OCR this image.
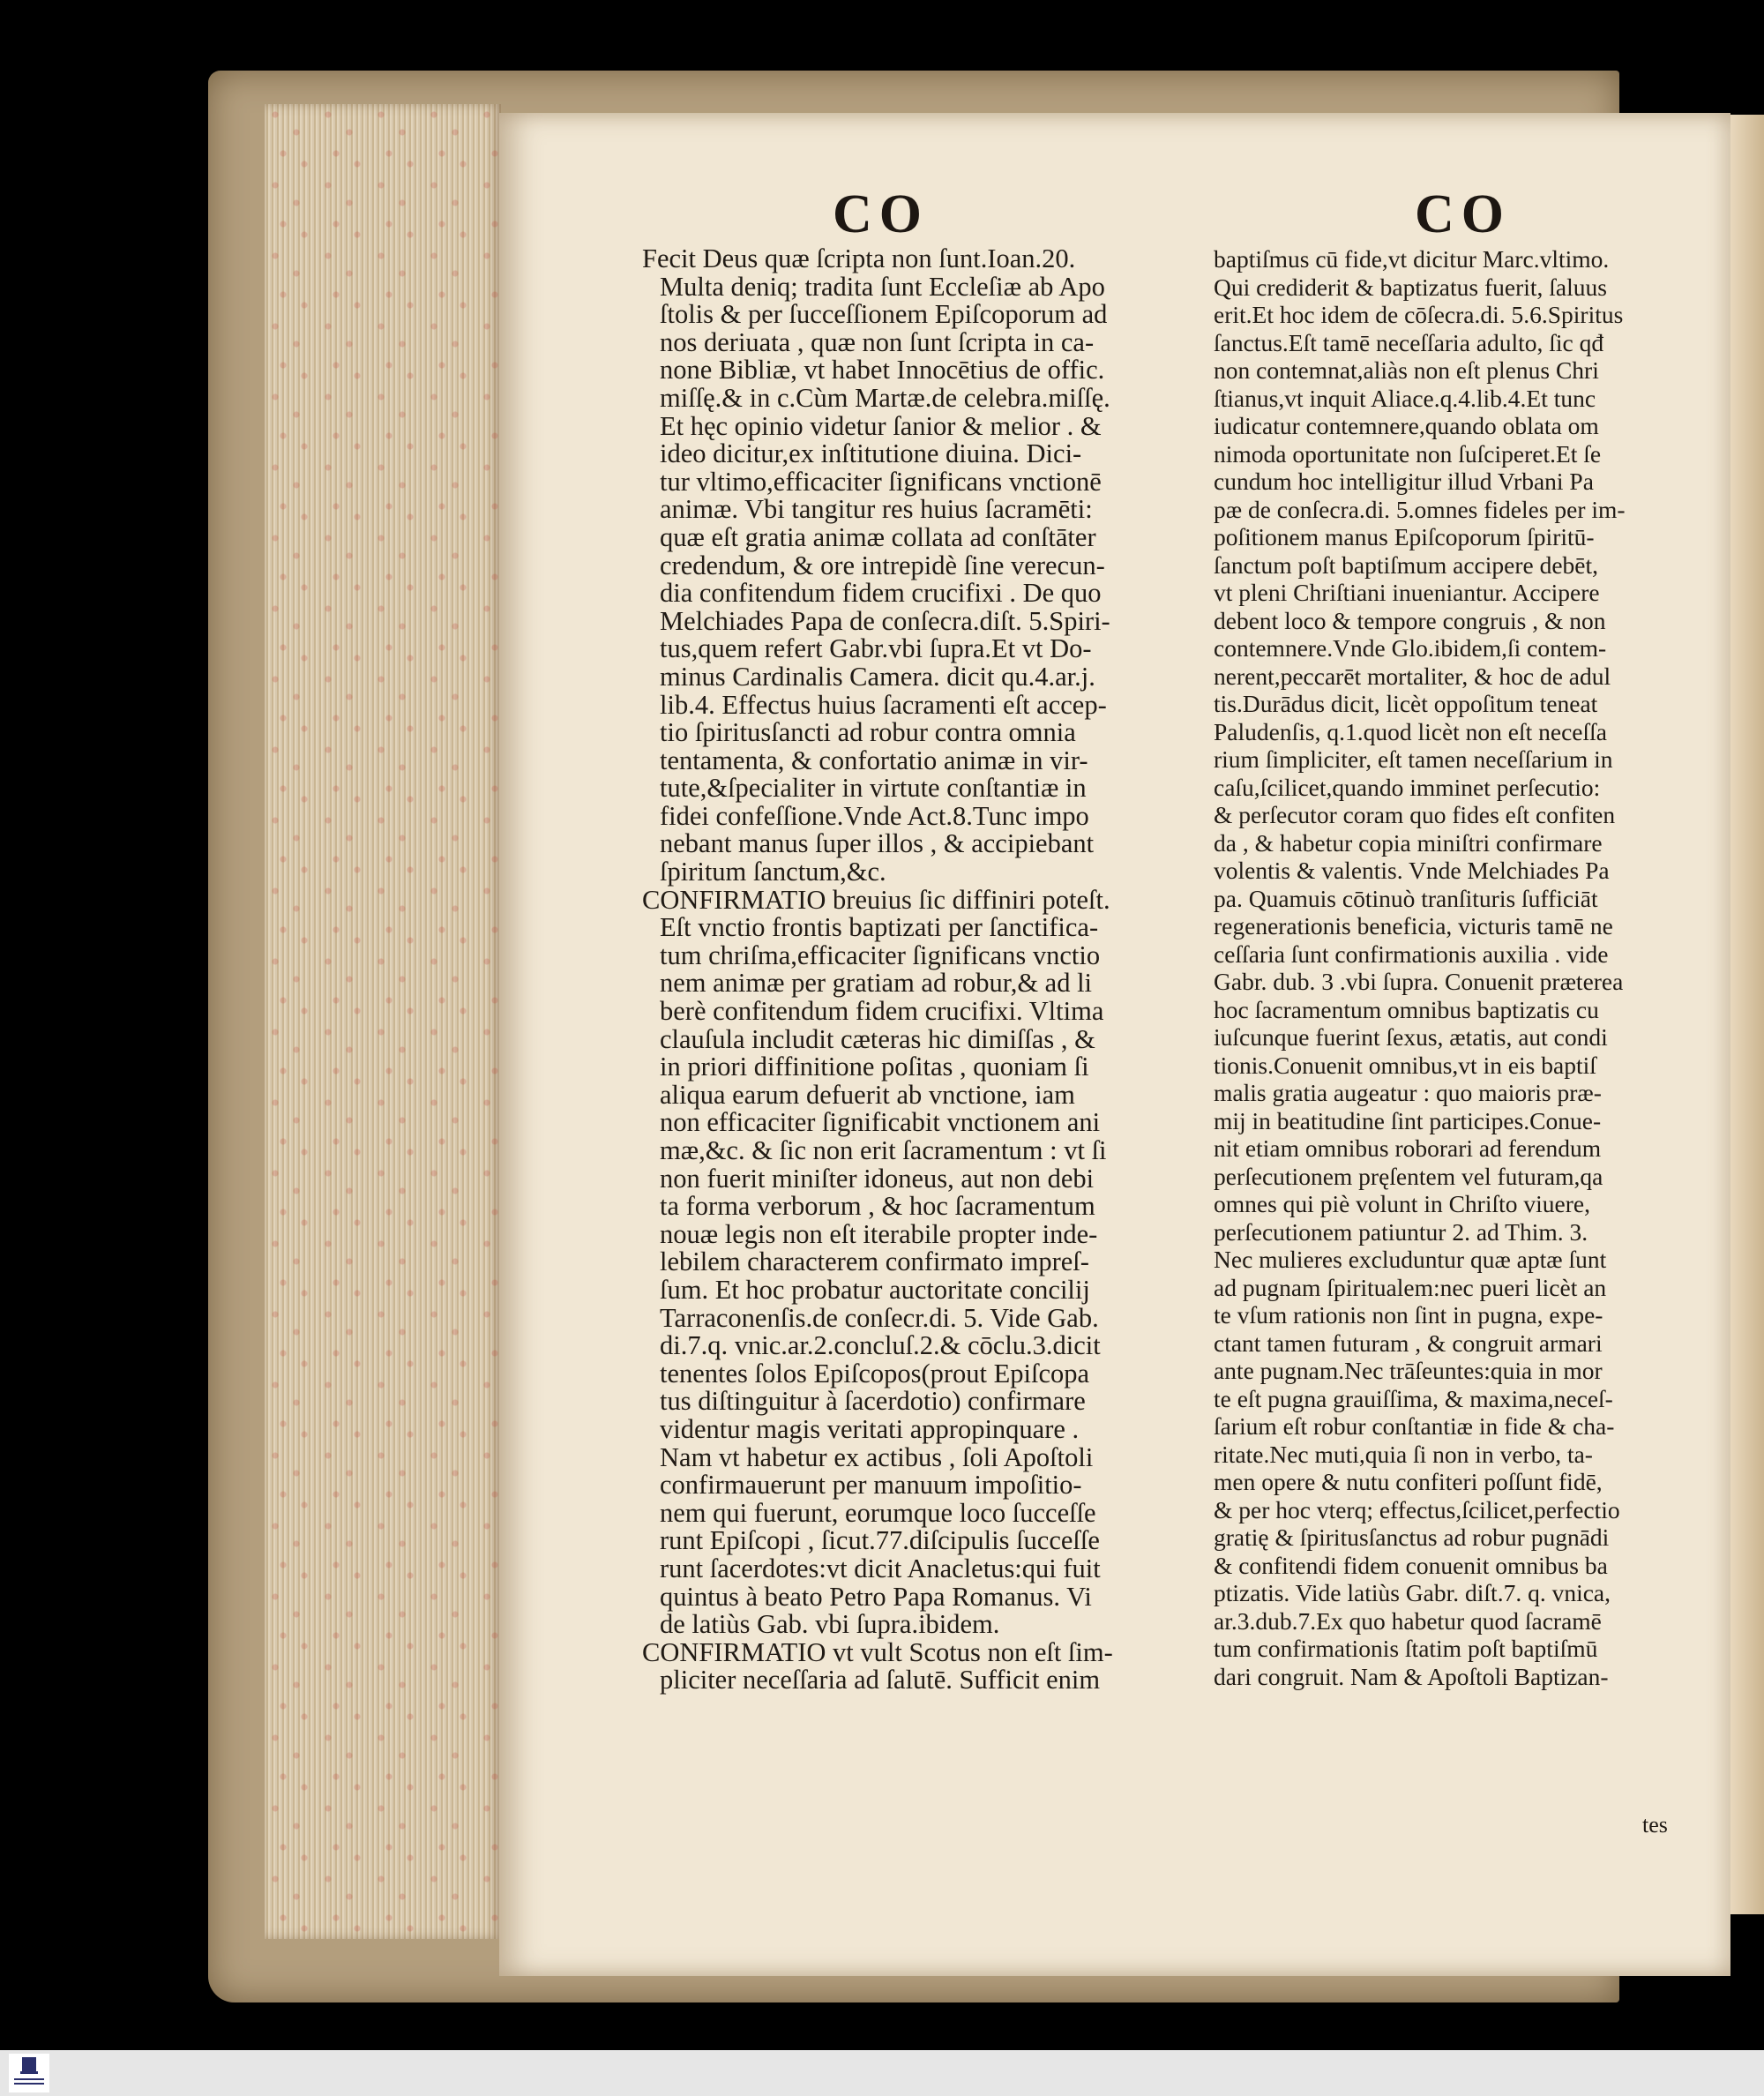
CO	CO
Fecit Deus quæ ſcripta non ſunt.Ioan.20.
Multa deniq; tradita ſunt Eccleſiæ ab Apo
ſtolis & per ſucceſſionem Epiſcoporum ad
nos deriuata , quæ non ſunt ſcripta in ca-
none Bibliæ, vt habet Innocētius de offic.
miſſę.& in c.Cùm Martæ.de celebra.miſſę.
Et hęc opinio videtur ſanior & melior . &
ideo dicitur,ex inſtitutione diuina. Dici-
tur vltimo,efficaciter ſignificans vnctionē
animæ. Vbi tangitur res huius ſacramēti:
quæ eſt gratia animæ collata ad conſtāter
credendum, & ore intrepidè ſine verecun-
dia confitendum fidem crucifixi . De quo
Melchiades Papa de conſecra.diſt. 5.Spiri-
tus,quem refert Gabr.vbi ſupra.Et vt Do-
minus Cardinalis Camera. dicit qu.4.ar.j.
lib.4. Effectus huius ſacramenti eſt accep-
tio ſpiritusſancti ad robur contra omnia
tentamenta, & confortatio animæ in vir-
tute,&ſpecialiter in virtute conſtantiæ in
fidei confeſſione.Vnde Act.8.Tunc impo
nebant manus ſuper illos , & accipiebant
ſpiritum ſanctum,&c.
CONFIRMATIO breuius ſic diffiniri poteſt.
Eſt vnctio frontis baptizati per ſanctifica-
tum chriſma,efficaciter ſignificans vnctio
nem animæ per gratiam ad robur,& ad li
berè confitendum fidem crucifixi. Vltima
clauſula includit cæteras hic dimiſſas , &
in priori diffinitione poſitas , quoniam ſi
aliqua earum defuerit ab vnctione, iam
non efficaciter ſignificabit vnctionem ani
mæ,&c. & ſic non erit ſacramentum : vt ſi
non fuerit miniſter idoneus, aut non debi
ta forma verborum , & hoc ſacramentum
nouæ legis non eſt iterabile propter inde-
lebilem characterem confirmato impreſ-
ſum. Et hoc probatur auctoritate concilij
Tarraconenſis.de conſecr.di. 5. Vide Gab.
di.7.q. vnic.ar.2.concluſ.2.& cōclu.3.dicit
tenentes ſolos Epiſcopos(prout Epiſcopa
tus diſtinguitur à ſacerdotio) confirmare
videntur magis veritati appropinquare .
Nam vt habetur ex actibus , ſoli Apoſtoli
confirmauerunt per manuum impoſitio-
nem qui fuerunt, eorumque loco ſucceſſe
runt Epiſcopi , ſicut.77.diſcipulis ſucceſſe
runt ſacerdotes:vt dicit Anacletus:qui fuit
quintus à beato Petro Papa Romanus. Vi
de latiùs Gab. vbi ſupra.ibidem.
CONFIRMATIO vt vult Scotus non eſt ſim-
pliciter neceſſaria ad ſalutē. Sufficit enim
baptiſmus cū fide,vt dicitur Marc.vltimo.
Qui crediderit & baptizatus fuerit, ſaluus
erit.Et hoc idem de cōſecra.di. 5.6.Spiritus
ſanctus.Eſt tamē neceſſaria adulto, ſic qđ
non contemnat,aliàs non eſt plenus Chri
ſtianus,vt inquit Aliace.q.4.lib.4.Et tunc
iudicatur contemnere,quando oblata om
nimoda oportunitate non ſuſciperet.Et ſe
cundum hoc intelligitur illud Vrbani Pa
pæ de conſecra.di. 5.omnes fideles per im-
poſitionem manus Epiſcoporum ſpiritū-
ſanctum poſt baptiſmum accipere debēt,
vt pleni Chriſtiani inueniantur. Accipere
debent loco & tempore congruis , & non
contemnere.Vnde Glo.ibidem,ſi contem-
nerent,peccarēt mortaliter, & hoc de adul
tis.Durādus dicit, licèt oppoſitum teneat
Paludenſis, q.1.quod licèt non eſt neceſſa
rium ſimpliciter, eſt tamen neceſſarium in
caſu,ſcilicet,quando imminet perſecutio:
& perſecutor coram quo fides eſt confiten
da , & habetur copia miniſtri confirmare
volentis & valentis. Vnde Melchiades Pa
pa. Quamuis cōtinuò tranſituris ſufficiāt
regenerationis beneficia, victuris tamē ne
ceſſaria ſunt confirmationis auxilia . vide
Gabr. dub. 3 .vbi ſupra. Conuenit præterea
hoc ſacramentum omnibus baptizatis cu
iuſcunque fuerint ſexus, ætatis, aut condi
tionis.Conuenit omnibus,vt in eis baptiſ
malis gratia augeatur : quo maioris præ-
mij in beatitudine ſint participes.Conue-
nit etiam omnibus roborari ad ferendum
perſecutionem pręſentem vel futuram,qa
omnes qui piè volunt in Chriſto viuere,
perſecutionem patiuntur 2. ad Thim. 3.
Nec mulieres excluduntur quæ aptæ ſunt
ad pugnam ſpiritualem:nec pueri licèt an
te vſum rationis non ſint in pugna, expe-
ctant tamen futuram , & congruit armari
ante pugnam.Nec trāſeuntes:quia in mor
te eſt pugna grauiſſima, & maxima,neceſ-
ſarium eſt robur conſtantiæ in fide & cha-
ritate.Nec muti,quia ſi non in verbo, ta-
men opere & nutu confiteri poſſunt fidē,
& per hoc vterq; effectus,ſcilicet,perfectio
gratię & ſpiritusſanctus ad robur pugnādi
& confitendi fidem conuenit omnibus ba
ptizatis. Vide latiùs Gabr. diſt.7. q. vnica,
ar.3.dub.7.Ex quo habetur quod ſacramē
tum confirmationis ſtatim poſt baptiſmū
dari congruit. Nam & Apoſtoli Baptizan-
tes
